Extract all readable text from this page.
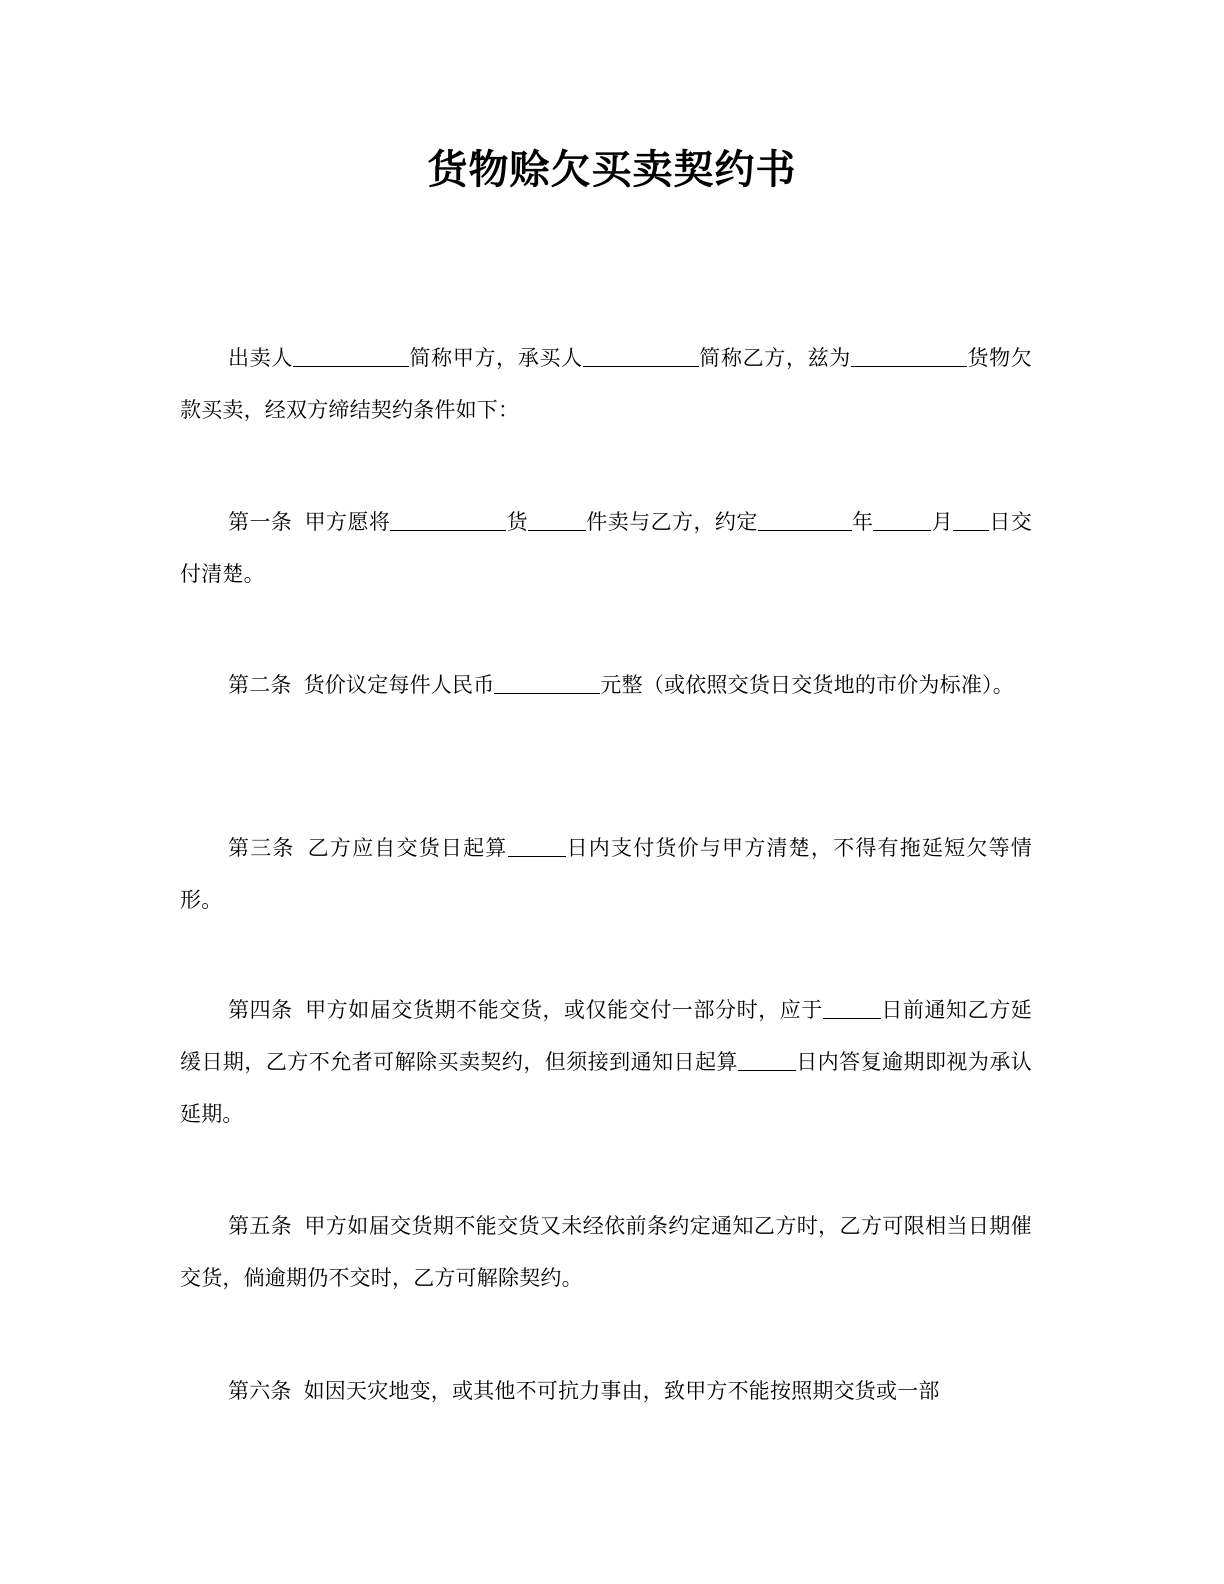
货物赊欠买卖契约书
出卖人	简称甲方，承买人	简称乙方，兹为	货物欠款买卖，经双方缔结契约条件如下：
第一条 甲方愿将	货	件卖与乙方，约定	年	月 日交付清楚。
第二条 货价议定每件人民币	元整（或依照交货日交货地的市价为标准）。
第三条 乙方应自交货日起算	日内支付货价与甲方清楚，不得有拖延短欠等情形。
第四条 甲方如届交货期不能交货，或仅能交付一部分时，应于	日前通知乙方延缓日期，乙方不允者可解除买卖契约，但须接到通知日起算	日内答复逾期即视为承认延期。
第五条 甲方如届交货期不能交货又未经依前条约定通知乙方时，乙方可限相当日期催交货，倘逾期仍不交时，乙方可解除契约。
第六条 如因天灾地变，或其他不可抗力事由，致甲方不能按照期交货或一部
